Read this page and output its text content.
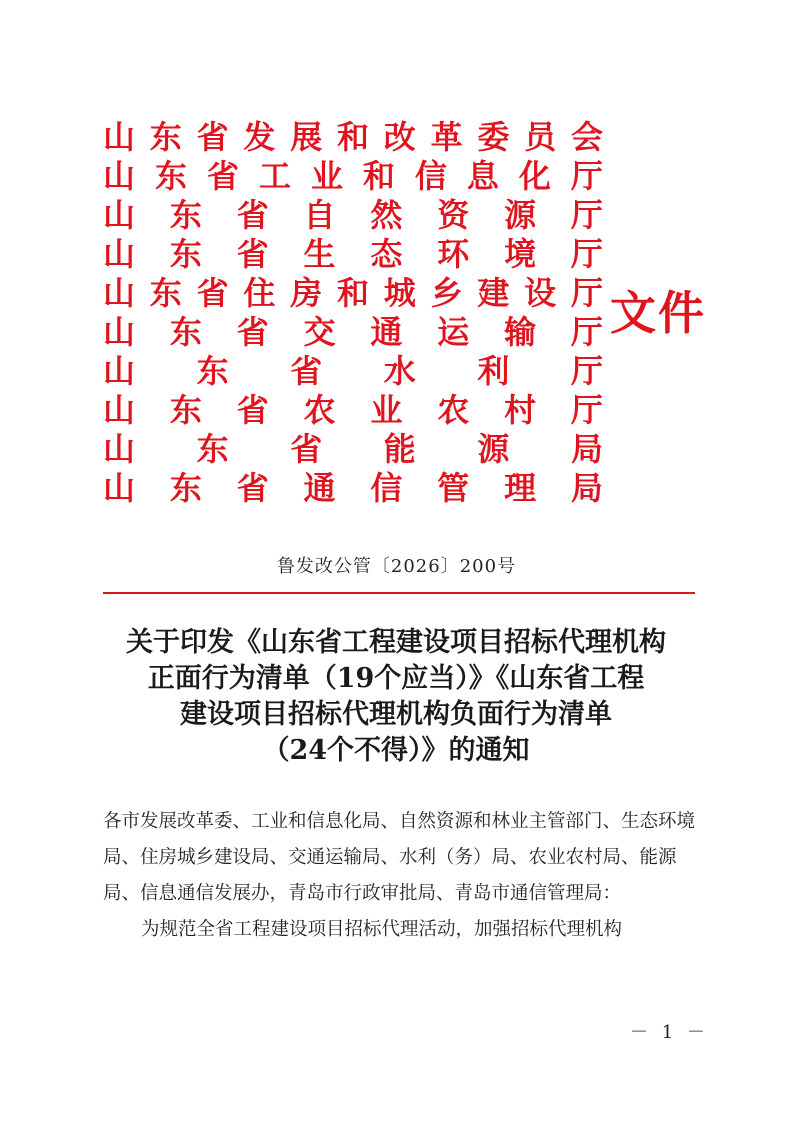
山 东 省 发 展 和 改 革 委 员 会
山 东 省 工 业 和 信 息 化 厅
山 东 省 自 然 资 源 厅
山 东 省 生 态 环 境 厅
山 东 省 住 房 和 城 乡 建 设 厅
山 东 省 交 通 运 输 厅
山 东 省 水 利 厅
山 东 省 农 业 农 村 厅
山 东 省 能 源 局
山 东 省 通 信 管 理 局
文件
鲁发改公管〔2026〕200号
关于印发《山东省工程建设项目招标代理机构
正面行为清单（19个应当）》《山东省工程
建设项目招标代理机构负面行为清单
（24个不得）》的通知

各市发展改革委、工业和信息化局、自然资源和林业主管部门、生态环境局、住房城乡建设局、交通运输局、水利（务）局、农业农村局、能源局、信息通信发展办，青岛市行政审批局、青岛市通信管理局：

为规范全省工程建设项目招标代理活动，加强招标代理机构

－ 1 －
